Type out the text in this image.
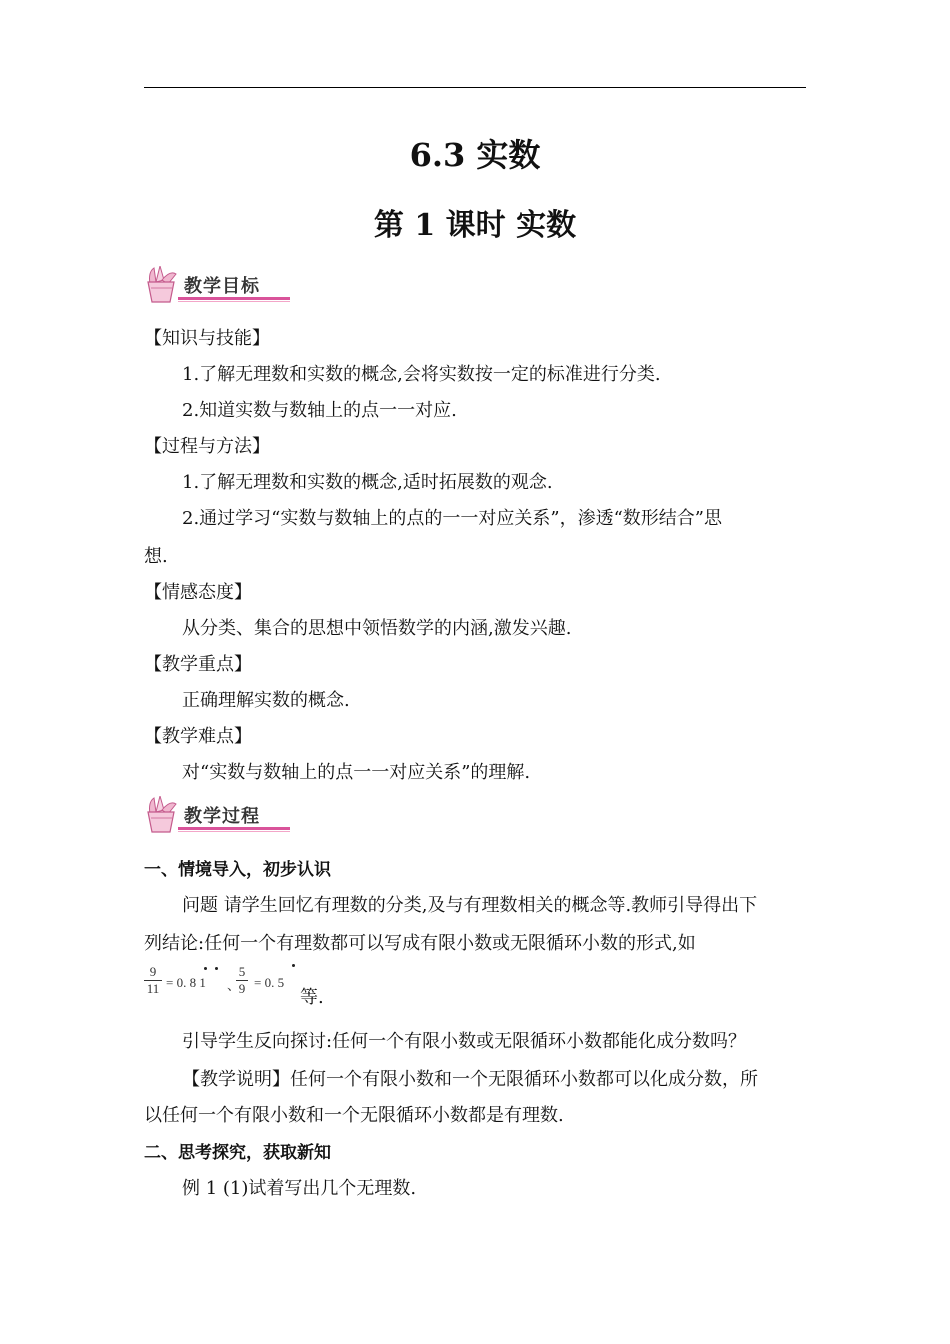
6.3 实数
第 1 课时 实数
教学目标
【知识与技能】
1.了解无理数和实数的概念,会将实数按一定的标准进行分类.
2.知道实数与数轴上的点一一对应.
【过程与方法】
1.了解无理数和实数的概念,适时拓展数的观念.
2.通过学习“实数与数轴上的点的一一对应关系”，渗透“数形结合”思
想.
【情感态度】
从分类、集合的思想中领悟数学的内涵,激发兴趣.
【教学重点】
正确理解实数的概念.
【教学难点】
对“实数与数轴上的点一一对应关系”的理解.
教学过程
一、情境导入，初步认识
问题 请学生回忆有理数的分类,及与有理数相关的概念等.教师引导得出下
列结论:任何一个有理数都可以写成有限小数或无限循环小数的形式,如
9
11 = 0. 8 1 、
5
9 = 0. 5
等.
引导学生反向探讨:任何一个有限小数或无限循环小数都能化成分数吗？
【教学说明】任何一个有限小数和一个无限循环小数都可以化成分数，所
以任何一个有限小数和一个无限循环小数都是有理数.
二、思考探究，获取新知
例 1 (1)试着写出几个无理数.
